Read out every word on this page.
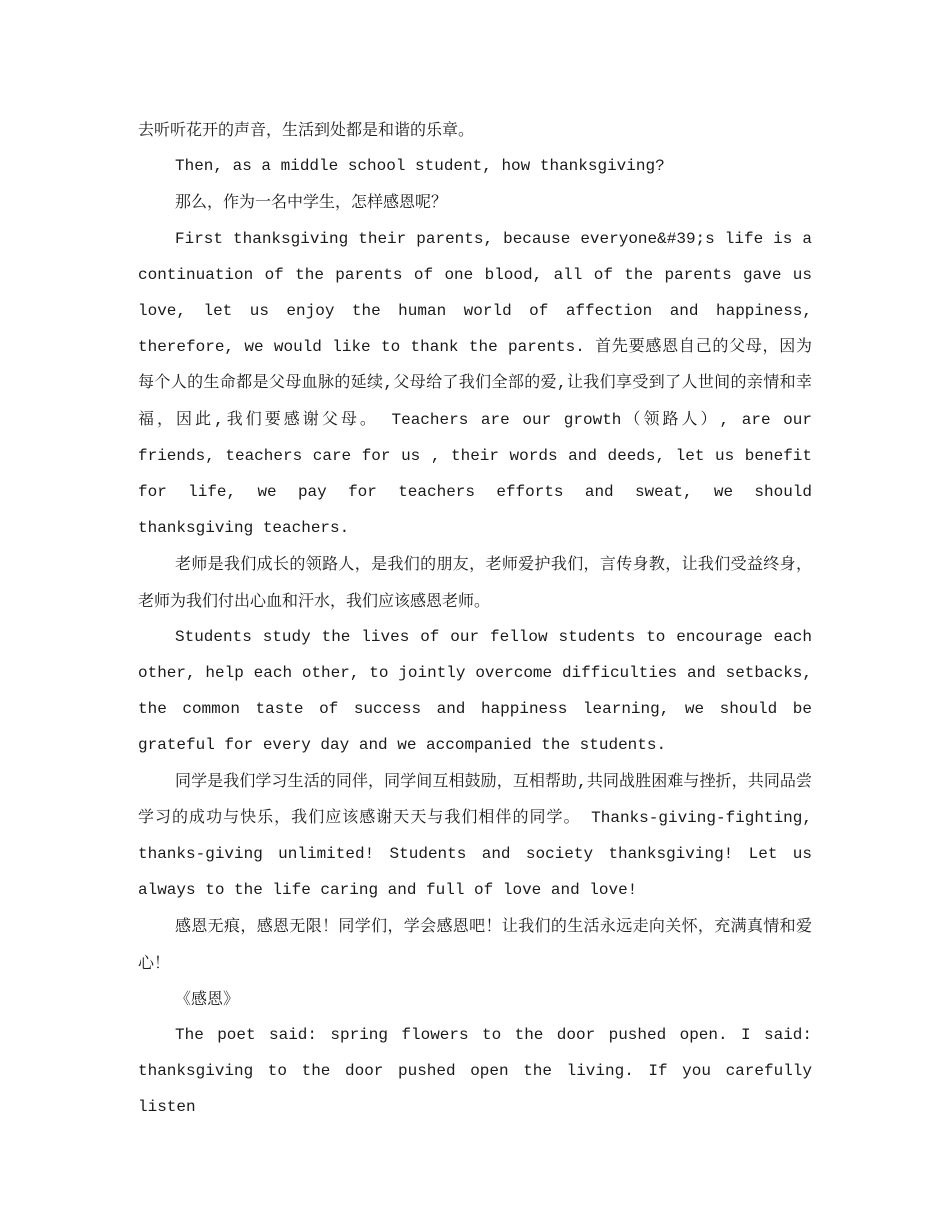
去听听花开的声音，生活到处都是和谐的乐章。

Then, as a middle school student, how thanksgiving?

那么，作为一名中学生，怎样感恩呢？

First thanksgiving their parents, because everyone&#39;s life is a continuation of the parents of one blood, all of the parents gave us love, let us enjoy the human world of affection and happiness, therefore, we would like to thank the parents. 首先要感恩自己的父母，因为每个人的生命都是父母血脉的延续,父母给了我们全部的爱,让我们享受到了人世间的亲情和幸福，因此,我们要感谢父母。 Teachers are our growth（领路人）, are our friends, teachers care for us , their words and deeds, let us benefit for life, we pay for teachers efforts and sweat, we should thanksgiving teachers.

老师是我们成长的领路人，是我们的朋友，老师爱护我们，言传身教，让我们受益终身，老师为我们付出心血和汗水，我们应该感恩老师。

Students study the lives of our fellow students to encourage each other, help each other, to jointly overcome difficulties and setbacks, the common taste of success and happiness learning, we should be grateful for every day and we accompanied the students.

同学是我们学习生活的同伴，同学间互相鼓励，互相帮助,共同战胜困难与挫折，共同品尝学习的成功与快乐，我们应该感谢天天与我们相伴的同学。 Thanks-giving-fighting, thanks-giving unlimited! Students and society thanksgiving! Let us always to the life caring and full of love and love!

感恩无痕，感恩无限！同学们，学会感恩吧！让我们的生活永远走向关怀，充满真情和爱心！

《感恩》

The poet said: spring flowers to the door pushed open. I said: thanksgiving to the door pushed open the living. If you carefully listen
